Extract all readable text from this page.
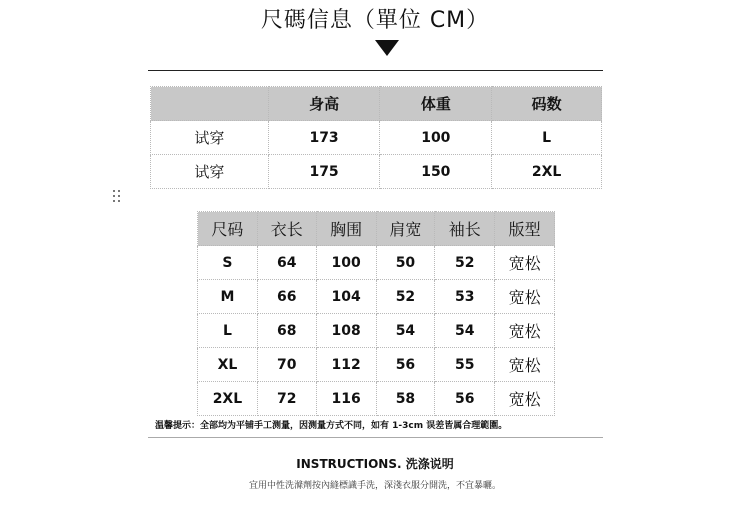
尺碼信息（單位 CM）
	身高	体重	码数
试穿	173	100	L
试穿	175	150	2XL
尺码	衣长	胸围	肩宽	袖长	版型
S	64	100	50	52	宽松
M	66	104	52	53	宽松
L	68	108	54	54	宽松
XL	70	112	56	55	宽松
2XL	72	116	58	56	宽松
温馨提示：全部均为平铺手工测量，因测量方式不同，如有 1-3cm 误差皆属合理範圍。
INSTRUCTIONS. 洗涤说明
宜用中性洗滌劑按內縫標識手洗，深淺衣服分開洗，不宜暴曬。
